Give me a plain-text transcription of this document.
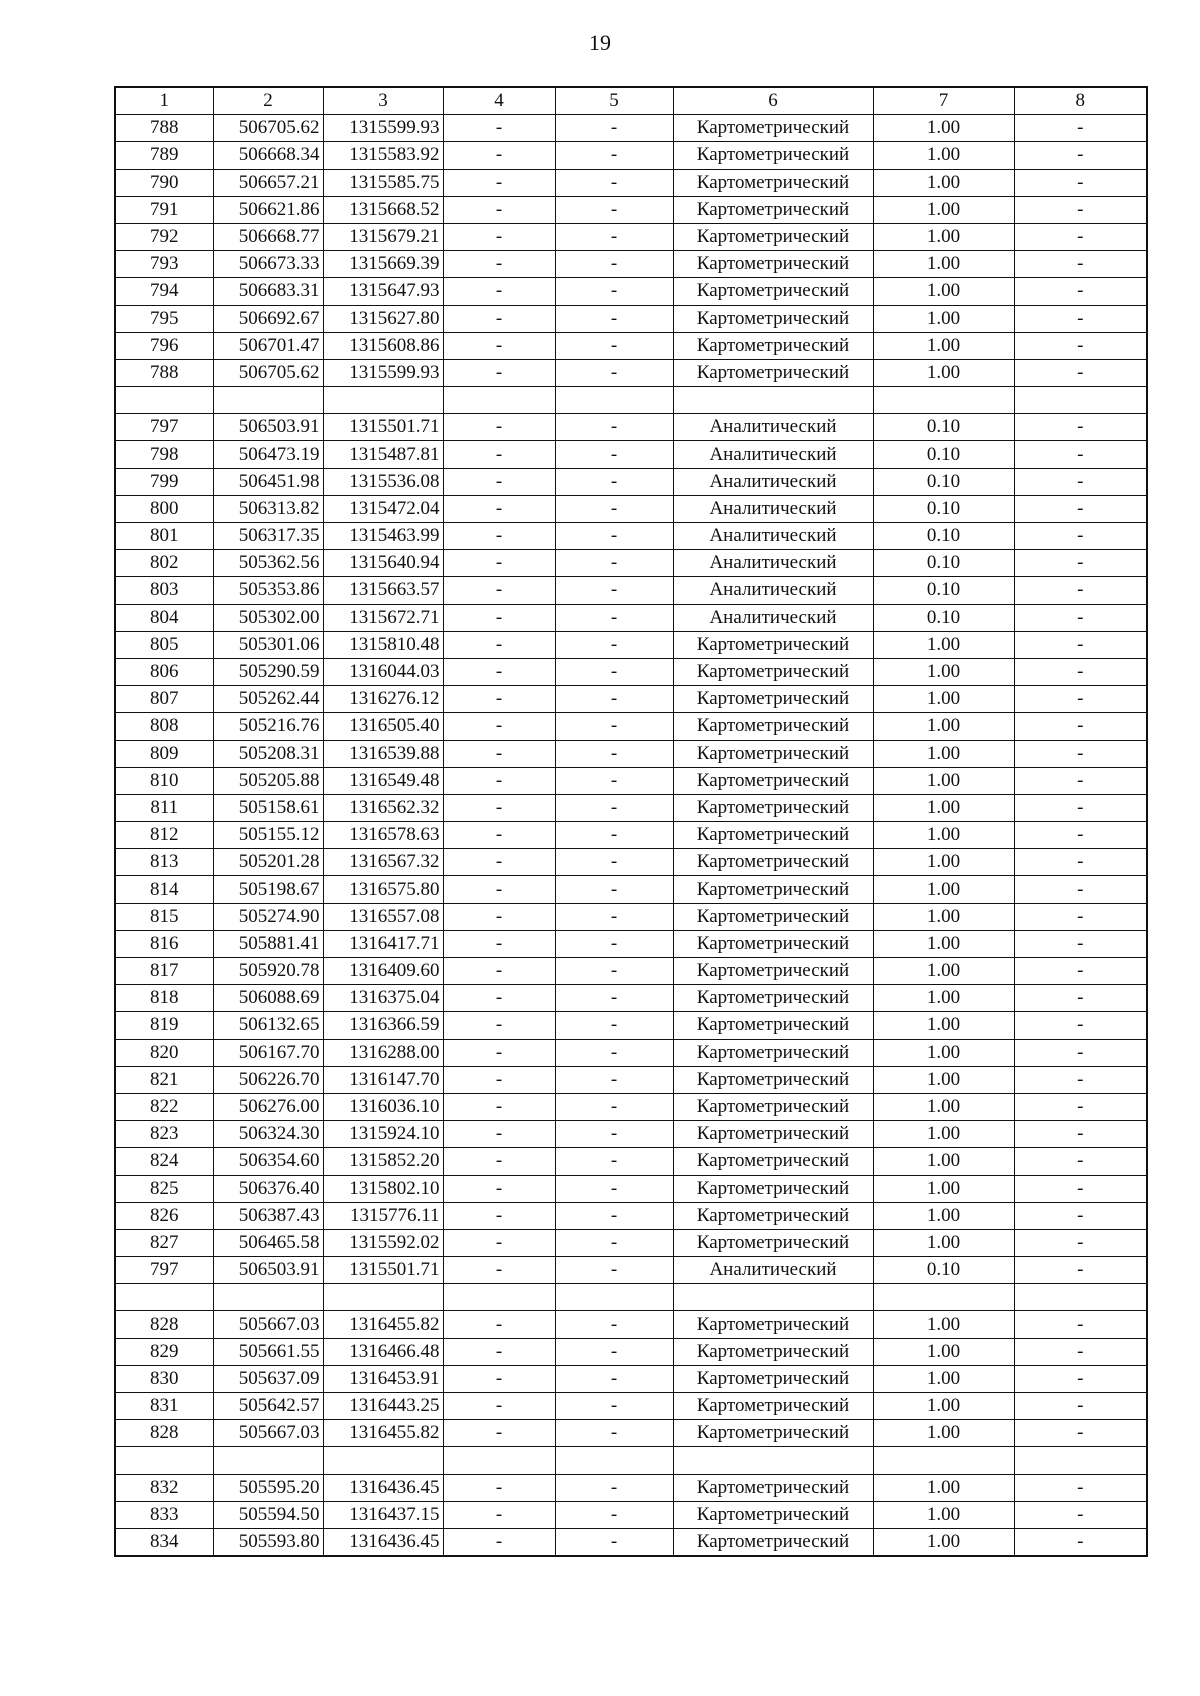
19
1	2	3	4	5	6	7	8
788	506705.62	1315599.93	-	-	Картометрический	1.00	-
789	506668.34	1315583.92	-	-	Картометрический	1.00	-
790	506657.21	1315585.75	-	-	Картометрический	1.00	-
791	506621.86	1315668.52	-	-	Картометрический	1.00	-
792	506668.77	1315679.21	-	-	Картометрический	1.00	-
793	506673.33	1315669.39	-	-	Картометрический	1.00	-
794	506683.31	1315647.93	-	-	Картометрический	1.00	-
795	506692.67	1315627.80	-	-	Картометрический	1.00	-
796	506701.47	1315608.86	-	-	Картометрический	1.00	-
788	506705.62	1315599.93	-	-	Картометрический	1.00	-

797	506503.91	1315501.71	-	-	Аналитический	0.10	-
798	506473.19	1315487.81	-	-	Аналитический	0.10	-
799	506451.98	1315536.08	-	-	Аналитический	0.10	-
800	506313.82	1315472.04	-	-	Аналитический	0.10	-
801	506317.35	1315463.99	-	-	Аналитический	0.10	-
802	505362.56	1315640.94	-	-	Аналитический	0.10	-
803	505353.86	1315663.57	-	-	Аналитический	0.10	-
804	505302.00	1315672.71	-	-	Аналитический	0.10	-
805	505301.06	1315810.48	-	-	Картометрический	1.00	-
806	505290.59	1316044.03	-	-	Картометрический	1.00	-
807	505262.44	1316276.12	-	-	Картометрический	1.00	-
808	505216.76	1316505.40	-	-	Картометрический	1.00	-
809	505208.31	1316539.88	-	-	Картометрический	1.00	-
810	505205.88	1316549.48	-	-	Картометрический	1.00	-
811	505158.61	1316562.32	-	-	Картометрический	1.00	-
812	505155.12	1316578.63	-	-	Картометрический	1.00	-
813	505201.28	1316567.32	-	-	Картометрический	1.00	-
814	505198.67	1316575.80	-	-	Картометрический	1.00	-
815	505274.90	1316557.08	-	-	Картометрический	1.00	-
816	505881.41	1316417.71	-	-	Картометрический	1.00	-
817	505920.78	1316409.60	-	-	Картометрический	1.00	-
818	506088.69	1316375.04	-	-	Картометрический	1.00	-
819	506132.65	1316366.59	-	-	Картометрический	1.00	-
820	506167.70	1316288.00	-	-	Картометрический	1.00	-
821	506226.70	1316147.70	-	-	Картометрический	1.00	-
822	506276.00	1316036.10	-	-	Картометрический	1.00	-
823	506324.30	1315924.10	-	-	Картометрический	1.00	-
824	506354.60	1315852.20	-	-	Картометрический	1.00	-
825	506376.40	1315802.10	-	-	Картометрический	1.00	-
826	506387.43	1315776.11	-	-	Картометрический	1.00	-
827	506465.58	1315592.02	-	-	Картометрический	1.00	-
797	506503.91	1315501.71	-	-	Аналитический	0.10	-

828	505667.03	1316455.82	-	-	Картометрический	1.00	-
829	505661.55	1316466.48	-	-	Картометрический	1.00	-
830	505637.09	1316453.91	-	-	Картометрический	1.00	-
831	505642.57	1316443.25	-	-	Картометрический	1.00	-
828	505667.03	1316455.82	-	-	Картометрический	1.00	-

832	505595.20	1316436.45	-	-	Картометрический	1.00	-
833	505594.50	1316437.15	-	-	Картометрический	1.00	-
834	505593.80	1316436.45	-	-	Картометрический	1.00	-
